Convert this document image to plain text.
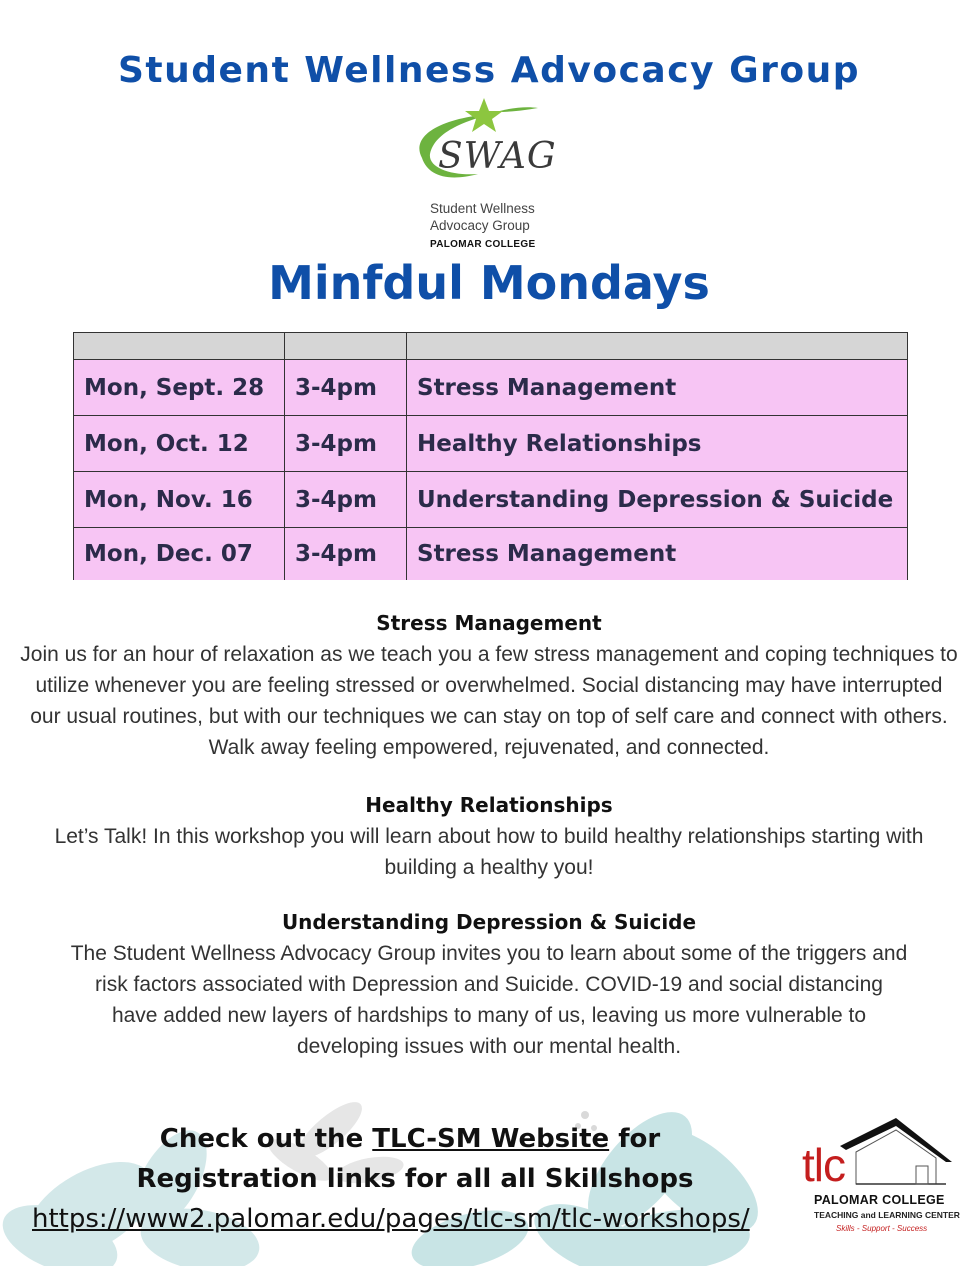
Student Wellness Advocacy Group
SWAG
Student Wellness
Advocacy Group
PALOMAR COLLEGE
Minfdul Mondays

Mon, Sept. 28	3-4pm	Stress Management
Mon, Oct. 12	3-4pm	Healthy Relationships
Mon, Nov. 16	3-4pm	Understanding Depression & Suicide
Mon, Dec. 07	3-4pm	Stress Management
Stress Management

Join us for an hour of relaxation as we teach you a few stress management and coping techniques to utilize whenever you are feeling stressed or overwhelmed. Social distancing may have interrupted our usual routines, but with our techniques we can stay on top of self care and connect with others. Walk away feeling empowered, rejuvenated, and connected.

Healthy Relationships

Let’s Talk! In this workshop you will learn about how to build healthy relationships starting with building a healthy you!

Understanding Depression & Suicide

The Student Wellness Advocacy Group invites you to learn about some of the triggers and risk factors associated with Depression and Suicide. COVID-19 and social distancing have added new layers of hardships to many of us, leaving us more vulnerable to developing issues with our mental health.

Check out the TLC-SM Website for
Registration links for all all Skillshops
https://www2.palomar.edu/pages/tlc-sm/tlc-workshops/
tlc
PALOMAR COLLEGE
TEACHING and LEARNING CENTER
Skills - Support - Success
